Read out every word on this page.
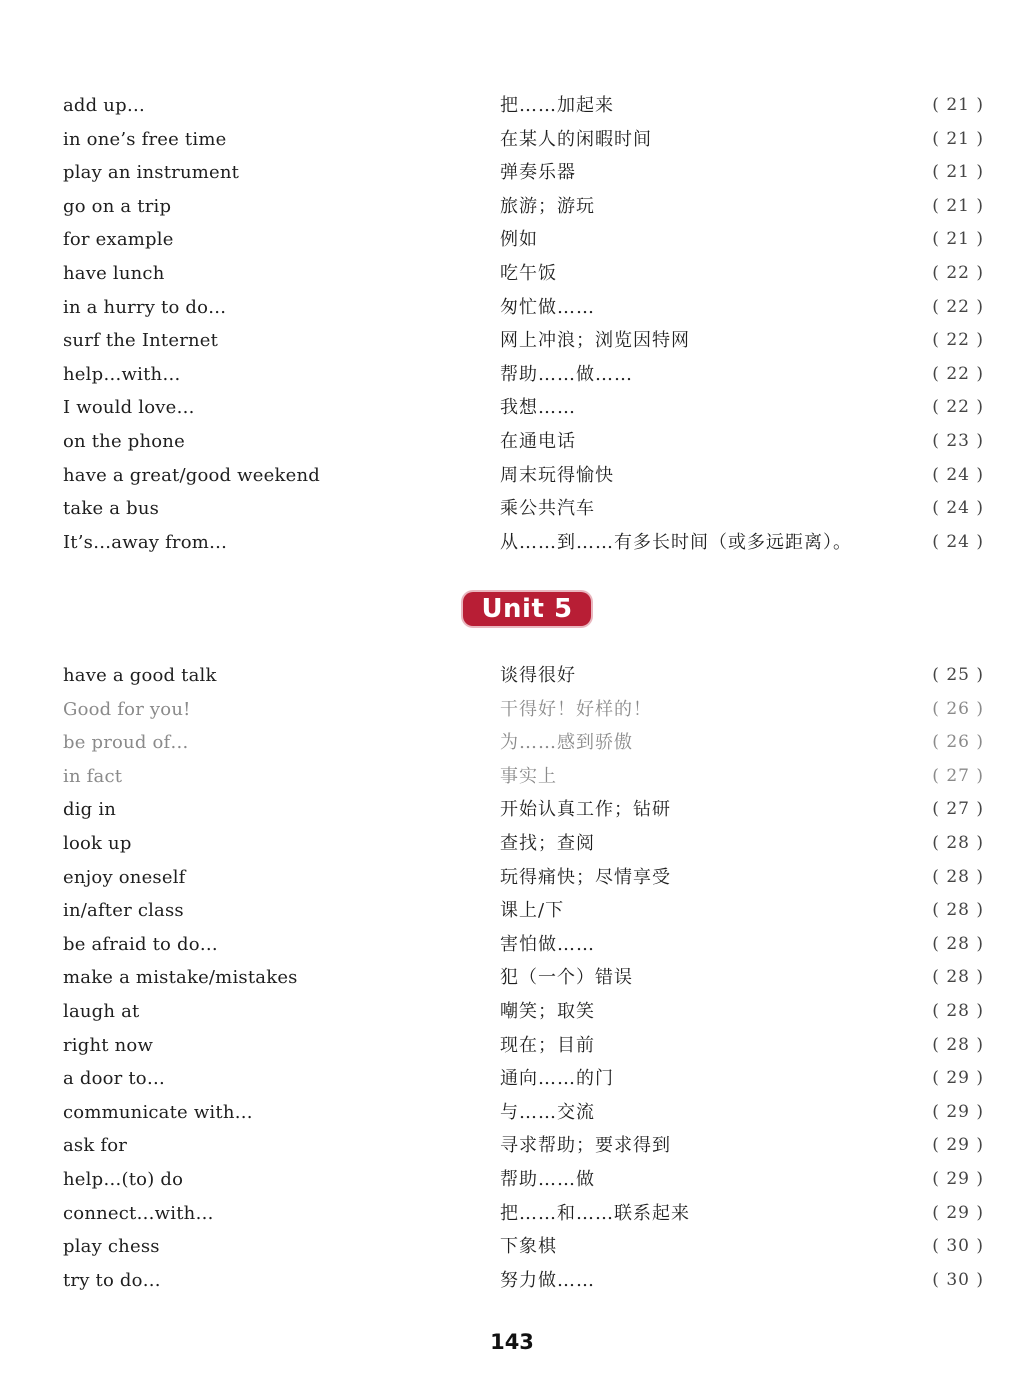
add up…	把……加起来	( 21 )
in one’s free time	在某人的闲暇时间	( 21 )
play an instrument	弹奏乐器	( 21 )
go on a trip	旅游；游玩	( 21 )
for example	例如	( 21 )
have lunch	吃午饭	( 22 )
in a hurry to do…	匆忙做……	( 22 )
surf the Internet	网上冲浪；浏览因特网	( 22 )
help…with…	帮助……做……	( 22 )
I would love…	我想……	( 22 )
on the phone	在通电话	( 23 )
have a great/good weekend	周末玩得愉快	( 24 )
take a bus	乘公共汽车	( 24 )
It’s…away from…	从……到……有多长时间（或多远距离）。	( 24 )
Unit 5
have a good talk	谈得很好	( 25 )
Good for you!	干得好！好样的！	( 26 )
be proud of…	为……感到骄傲	( 26 )
in fact	事实上	( 27 )
dig in	开始认真工作；钻研	( 27 )
look up	查找；查阅	( 28 )
enjoy oneself	玩得痛快；尽情享受	( 28 )
in/after class	课上/下	( 28 )
be afraid to do…	害怕做……	( 28 )
make a mistake/mistakes	犯（一个）错误	( 28 )
laugh at	嘲笑；取笑	( 28 )
right now	现在；目前	( 28 )
a door to…	通向……的门	( 29 )
communicate with…	与……交流	( 29 )
ask for	寻求帮助；要求得到	( 29 )
help…(to) do	帮助……做	( 29 )
connect…with…	把……和……联系起来	( 29 )
play chess	下象棋	( 30 )
try to do…	努力做……	( 30 )
143
